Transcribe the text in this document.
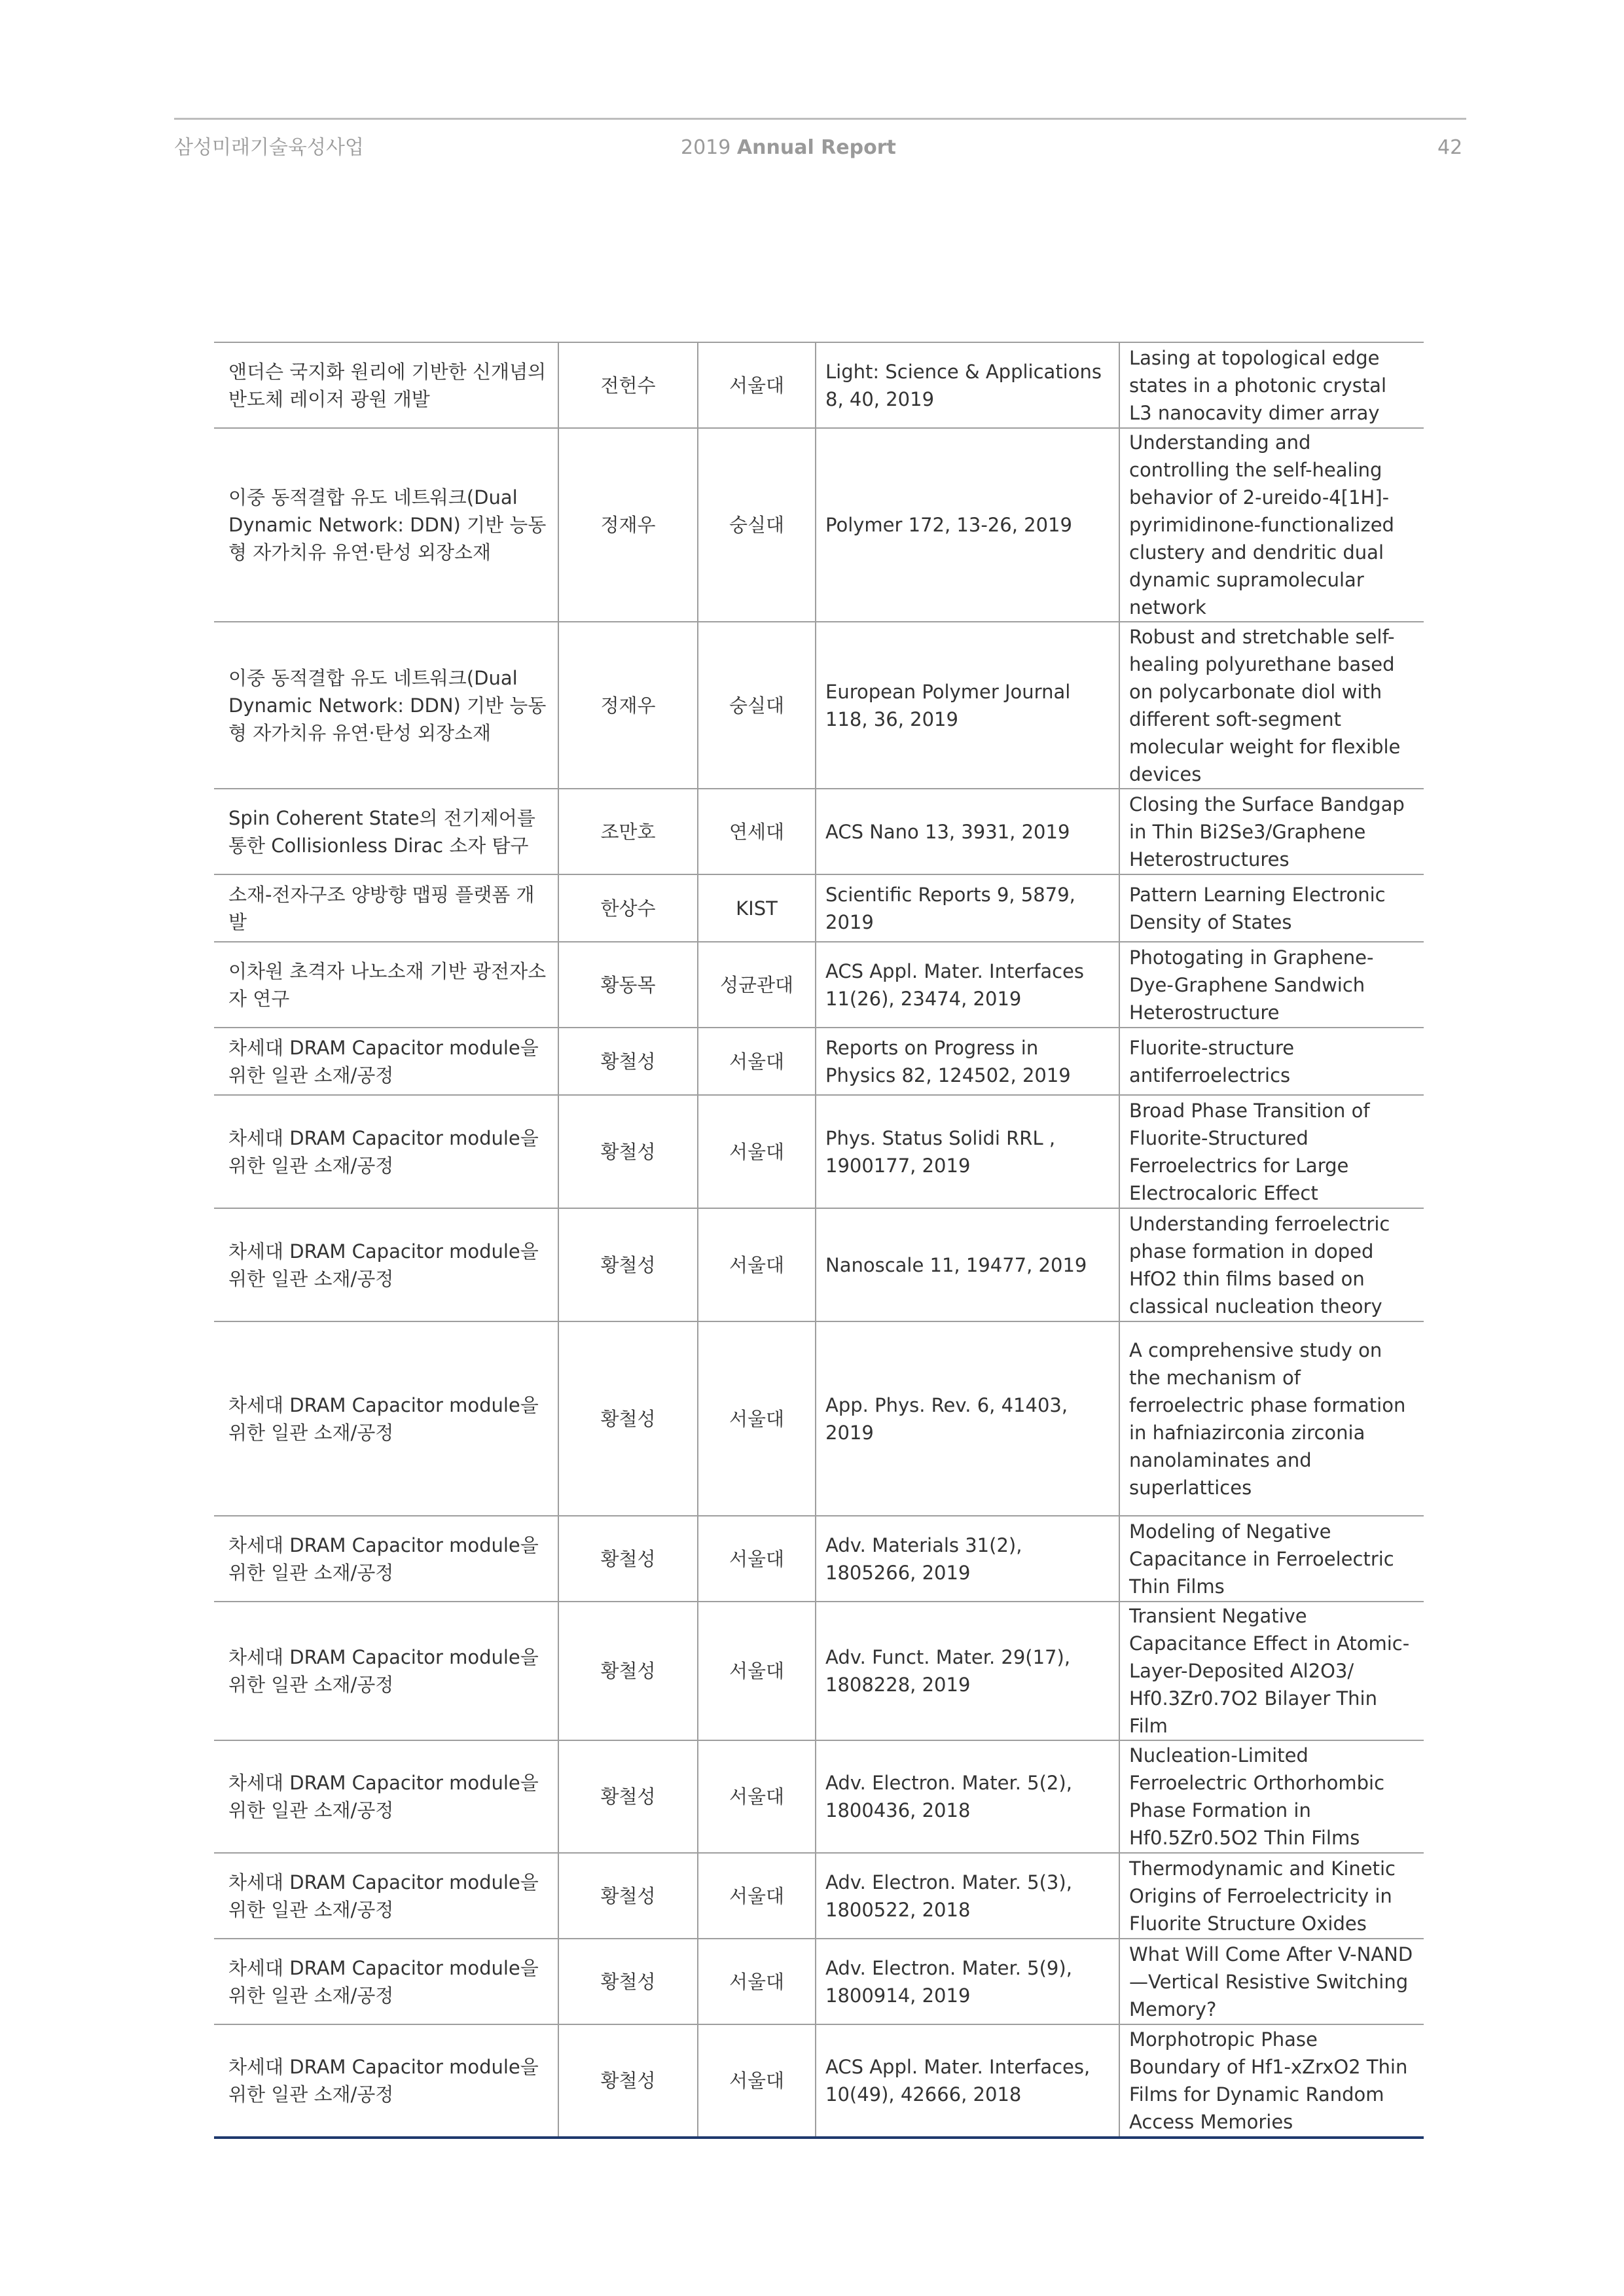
삼성미래기술육성사업	2019 Annual Report	42
앤더슨 국지화 원리에 기반한 신개념의 반도체 레이저 광원 개발	전헌수	서울대	Light: Science & Applications 8, 40, 2019	Lasing at topological edge states in a photonic crystal L3 nanocavity dimer array
이중 동적결합 유도 네트워크(Dual Dynamic Network: DDN) 기반 능동형 자가치유 유연·탄성 외장소재	정재우	숭실대	Polymer 172, 13-26, 2019	Understanding and controlling the self-healing behavior of 2-ureido-4[1H]-pyrimidinone-functionalized clustery and dendritic dual dynamic supramolecular network
이중 동적결합 유도 네트워크(Dual Dynamic Network: DDN) 기반 능동형 자가치유 유연·탄성 외장소재	정재우	숭실대	European Polymer Journal 118, 36, 2019	Robust and stretchable self-healing polyurethane based on polycarbonate diol with different soft-segment molecular weight for flexible devices
Spin Coherent State의 전기제어를 통한 Collisionless Dirac 소자 탐구	조만호	연세대	ACS Nano 13, 3931, 2019	Closing the Surface Bandgap in Thin Bi2Se3/Graphene Heterostructures
소재-전자구조 양방향 맵핑 플랫폼 개발	한상수	KIST	Scientific Reports 9, 5879, 2019	Pattern Learning Electronic Density of States
이차원 초격자 나노소재 기반 광전자소자 연구	황동목	성균관대	ACS Appl. Mater. Interfaces 11(26), 23474, 2019	Photogating in Graphene-Dye-Graphene Sandwich Heterostructure
차세대 DRAM Capacitor module을 위한 일관 소재/공정	황철성	서울대	Reports on Progress in Physics 82, 124502, 2019	Fluorite-structure antiferroelectrics
차세대 DRAM Capacitor module을 위한 일관 소재/공정	황철성	서울대	Phys. Status Solidi RRL , 1900177, 2019	Broad Phase Transition of Fluorite-Structured Ferroelectrics for Large Electrocaloric Effect
차세대 DRAM Capacitor module을 위한 일관 소재/공정	황철성	서울대	Nanoscale 11, 19477, 2019	Understanding ferroelectric phase formation in doped HfO2 thin films based on classical nucleation theory
차세대 DRAM Capacitor module을 위한 일관 소재/공정	황철성	서울대	App. Phys. Rev. 6, 41403, 2019	A comprehensive study on the mechanism of ferroelectric phase formation in hafniazirconia zirconia nanolaminates and superlattices
차세대 DRAM Capacitor module을 위한 일관 소재/공정	황철성	서울대	Adv. Materials 31(2), 1805266, 2019	Modeling of Negative Capacitance in Ferroelectric Thin Films
차세대 DRAM Capacitor module을 위한 일관 소재/공정	황철성	서울대	Adv. Funct. Mater. 29(17), 1808228, 2019	Transient Negative Capacitance Effect in Atomic-Layer-Deposited Al2O3/ Hf0.3Zr0.7O2 Bilayer Thin Film
차세대 DRAM Capacitor module을 위한 일관 소재/공정	황철성	서울대	Adv. Electron. Mater. 5(2), 1800436, 2018	Nucleation-Limited Ferroelectric Orthorhombic Phase Formation in Hf0.5Zr0.5O2 Thin Films
차세대 DRAM Capacitor module을 위한 일관 소재/공정	황철성	서울대	Adv. Electron. Mater. 5(3), 1800522, 2018	Thermodynamic and Kinetic Origins of Ferroelectricity in Fluorite Structure Oxides
차세대 DRAM Capacitor module을 위한 일관 소재/공정	황철성	서울대	Adv. Electron. Mater. 5(9), 1800914, 2019	What Will Come After V-NAND—Vertical Resistive Switching Memory?
차세대 DRAM Capacitor module을 위한 일관 소재/공정	황철성	서울대	ACS Appl. Mater. Interfaces, 10(49), 42666, 2018	Morphotropic Phase Boundary of Hf1-xZrxO2 Thin Films for Dynamic Random Access Memories
